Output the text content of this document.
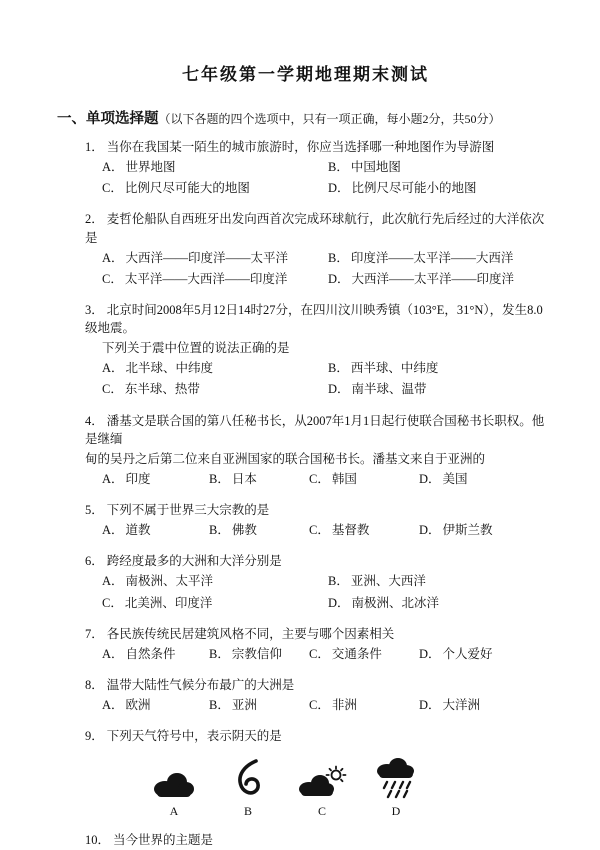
七年级第一学期地理期末测试
一、单项选择题（以下各题的四个选项中，只有一项正确，每小题2分，共50分）
1． 当你在我国某一陌生的城市旅游时，你应当选择哪一种地图作为导游图
A． 世界地图	B． 中国地图
C． 比例尺尽可能大的地图	D． 比例尺尽可能小的地图
2． 麦哲伦船队自西班牙出发向西首次完成环球航行，此次航行先后经过的大洋依次是
A． 大西洋——印度洋——太平洋	B． 印度洋——太平洋——大西洋
C． 太平洋——大西洋——印度洋	D． 大西洋——太平洋——印度洋
3． 北京时间2008年5月12日14时27分，在四川汶川映秀镇（103°E，31°N），发生8.0级地震。
下列关于震中位置的说法正确的是
A． 北半球、中纬度	B． 西半球、中纬度
C． 东半球、热带	D． 南半球、温带
4． 潘基文是联合国的第八任秘书长，从2007年1月1日起行使联合国秘书长职权。他是继缅
甸的吴丹之后第二位来自亚洲国家的联合国秘书长。潘基文来自于亚洲的
A． 印度	B． 日本	C． 韩国	D． 美国
5． 下列不属于世界三大宗教的是
A． 道教	B． 佛教	C． 基督教	D． 伊斯兰教
6． 跨经度最多的大洲和大洋分别是
A． 南极洲、太平洋	B． 亚洲、大西洋
C． 北美洲、印度洋	D． 南极洲、北冰洋
7． 各民族传统民居建筑风格不同，主要与哪个因素相关
A． 自然条件	B． 宗教信仰	C． 交通条件	D． 个人爱好
8． 温带大陆性气候分布最广的大洲是
A． 欧洲	B． 亚洲	C． 非洲	D． 大洋洲
9． 下列天气符号中，表示阴天的是
A	B	C	D
10． 当今世界的主题是
